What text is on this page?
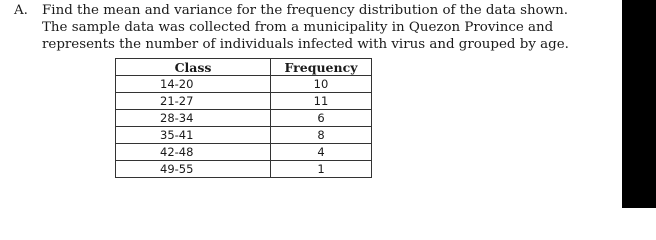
A. Find the mean and variance for the frequency distribution of the data shown.
The sample data was collected from a municipality in Quezon Province and
represents the number of individuals infected with virus and grouped by age.
Class	Frequency
14-20	10
21-27	11
28-34	6
35-41	8
42-48	4
49-55	1
